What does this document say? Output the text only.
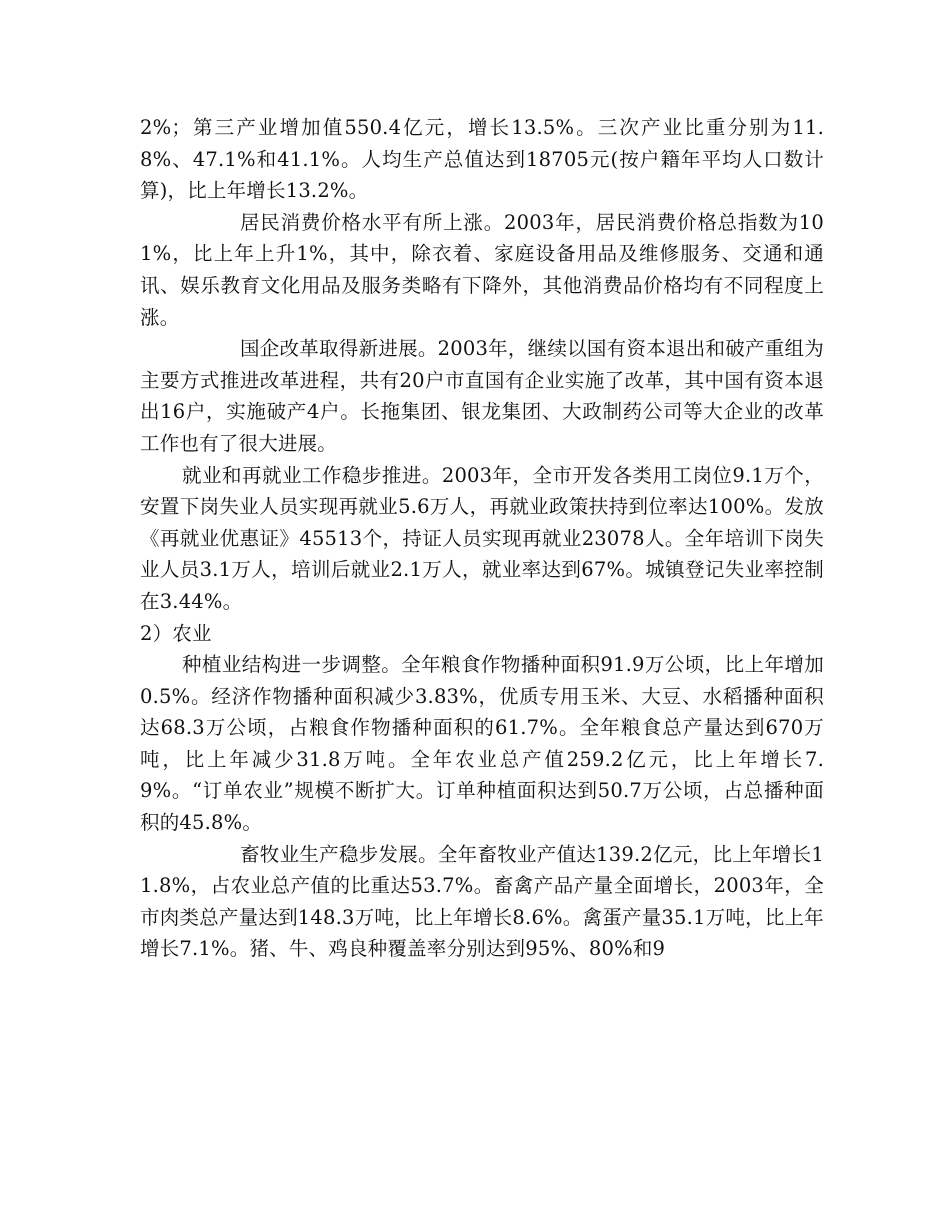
2%；第三产业增加值550.4亿元，增长13.5%。三次产业比重分别为11.8%、47.1%和41.1%。人均生产总值达到18705元(按户籍年平均人口数计算)，比上年增长13.2%。

居民消费价格水平有所上涨。2003年，居民消费价格总指数为101%，比上年上升1%，其中，除衣着、家庭设备用品及维修服务、交通和通讯、娱乐教育文化用品及服务类略有下降外，其他消费品价格均有不同程度上涨。

国企改革取得新进展。2003年，继续以国有资本退出和破产重组为主要方式推进改革进程，共有20户市直国有企业实施了改革，其中国有资本退出16户，实施破产4户。长拖集团、银龙集团、大政制药公司等大企业的改革工作也有了很大进展。

就业和再就业工作稳步推进。2003年，全市开发各类用工岗位9.1万个，安置下岗失业人员实现再就业5.6万人，再就业政策扶持到位率达100%。发放《再就业优惠证》45513个，持证人员实现再就业23078人。全年培训下岗失业人员3.1万人，培训后就业2.1万人，就业率达到67%。城镇登记失业率控制在3.44%。

2）农业

种植业结构进一步调整。全年粮食作物播种面积91.9万公顷，比上年增加0.5%。经济作物播种面积减少3.83%，优质专用玉米、大豆、水稻播种面积达68.3万公顷，占粮食作物播种面积的61.7%。全年粮食总产量达到670万吨，比上年减少31.8万吨。全年农业总产值259.2亿元，比上年增长7.9%。“订单农业”规模不断扩大。订单种植面积达到50.7万公顷，占总播种面积的45.8%。

畜牧业生产稳步发展。全年畜牧业产值达139.2亿元，比上年增长11.8%，占农业总产值的比重达53.7%。畜禽产品产量全面增长，2003年，全市肉类总产量达到148.3万吨，比上年增长8.6%。禽蛋产量35.1万吨，比上年增长7.1%。猪、牛、鸡良种覆盖率分别达到95%、80%和9
